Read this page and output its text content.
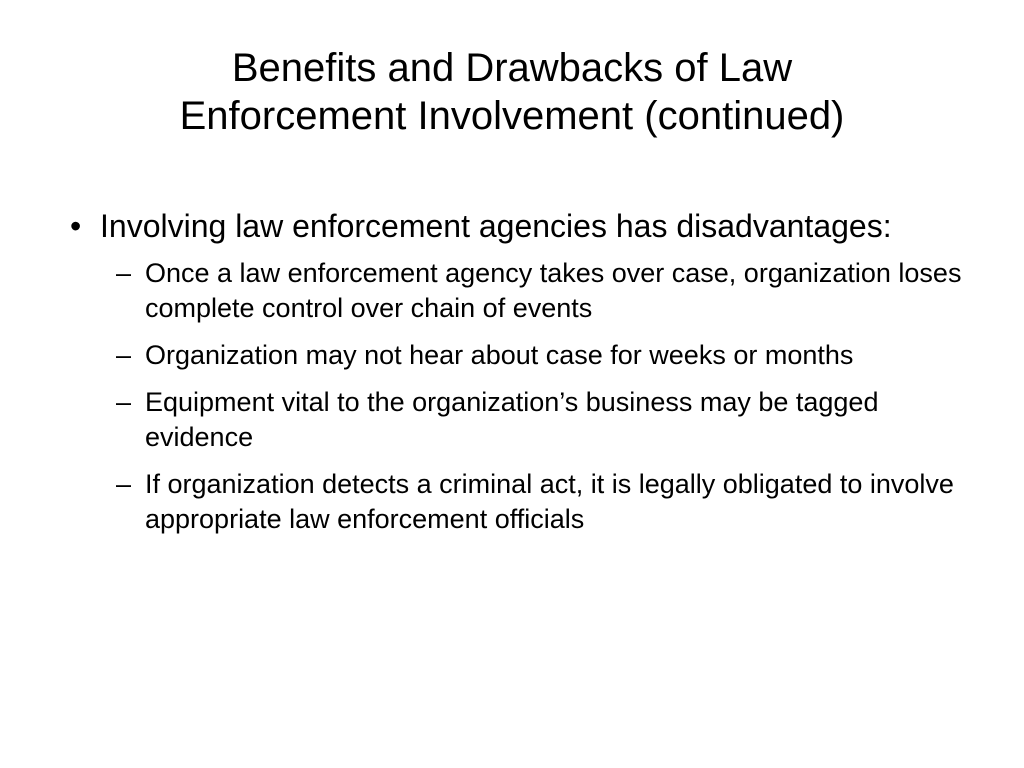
Benefits and Drawbacks of Law
Enforcement Involvement (continued)
• Involving law enforcement agencies has disadvantages:
– Once a law enforcement agency takes over case, organization loses complete control over chain of events
– Organization may not hear about case for weeks or months
– Equipment vital to the organization’s business may be tagged evidence
– If organization detects a criminal act, it is legally obligated to involve appropriate law enforcement officials
